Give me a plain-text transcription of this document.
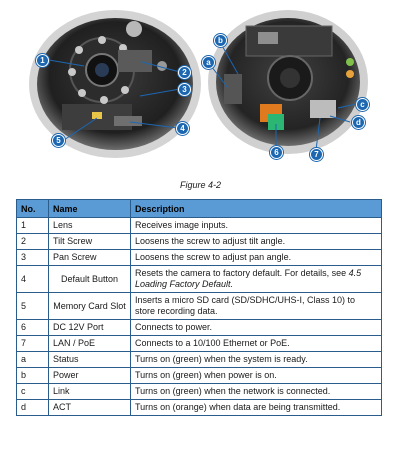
1
2
3
4
5
a
b
c
d
6	7
Figure 4-2
No.	Name	Description
1	Lens	Receives image inputs.
2	Tilt Screw	Loosens the screw to adjust tilt angle.
3	Pan Screw	Loosens the screw to adjust pan angle.
4	Default Button	Resets the camera to factory default. For details, see 4.5 Loading Factory Default.
5	Memory Card Slot	Inserts a micro SD card (SD/SDHC/UHS-I, Class 10) to store recording data.
6	DC 12V Port	Connects to power.
7	LAN / PoE	Connects to a 10/100 Ethernet or PoE.
a	Status	Turns on (green) when the system is ready.
b	Power	Turns on (green) when power is on.
c	Link	Turns on (green) when the network is connected.
d	ACT	Turns on (orange) when data are being transmitted.
